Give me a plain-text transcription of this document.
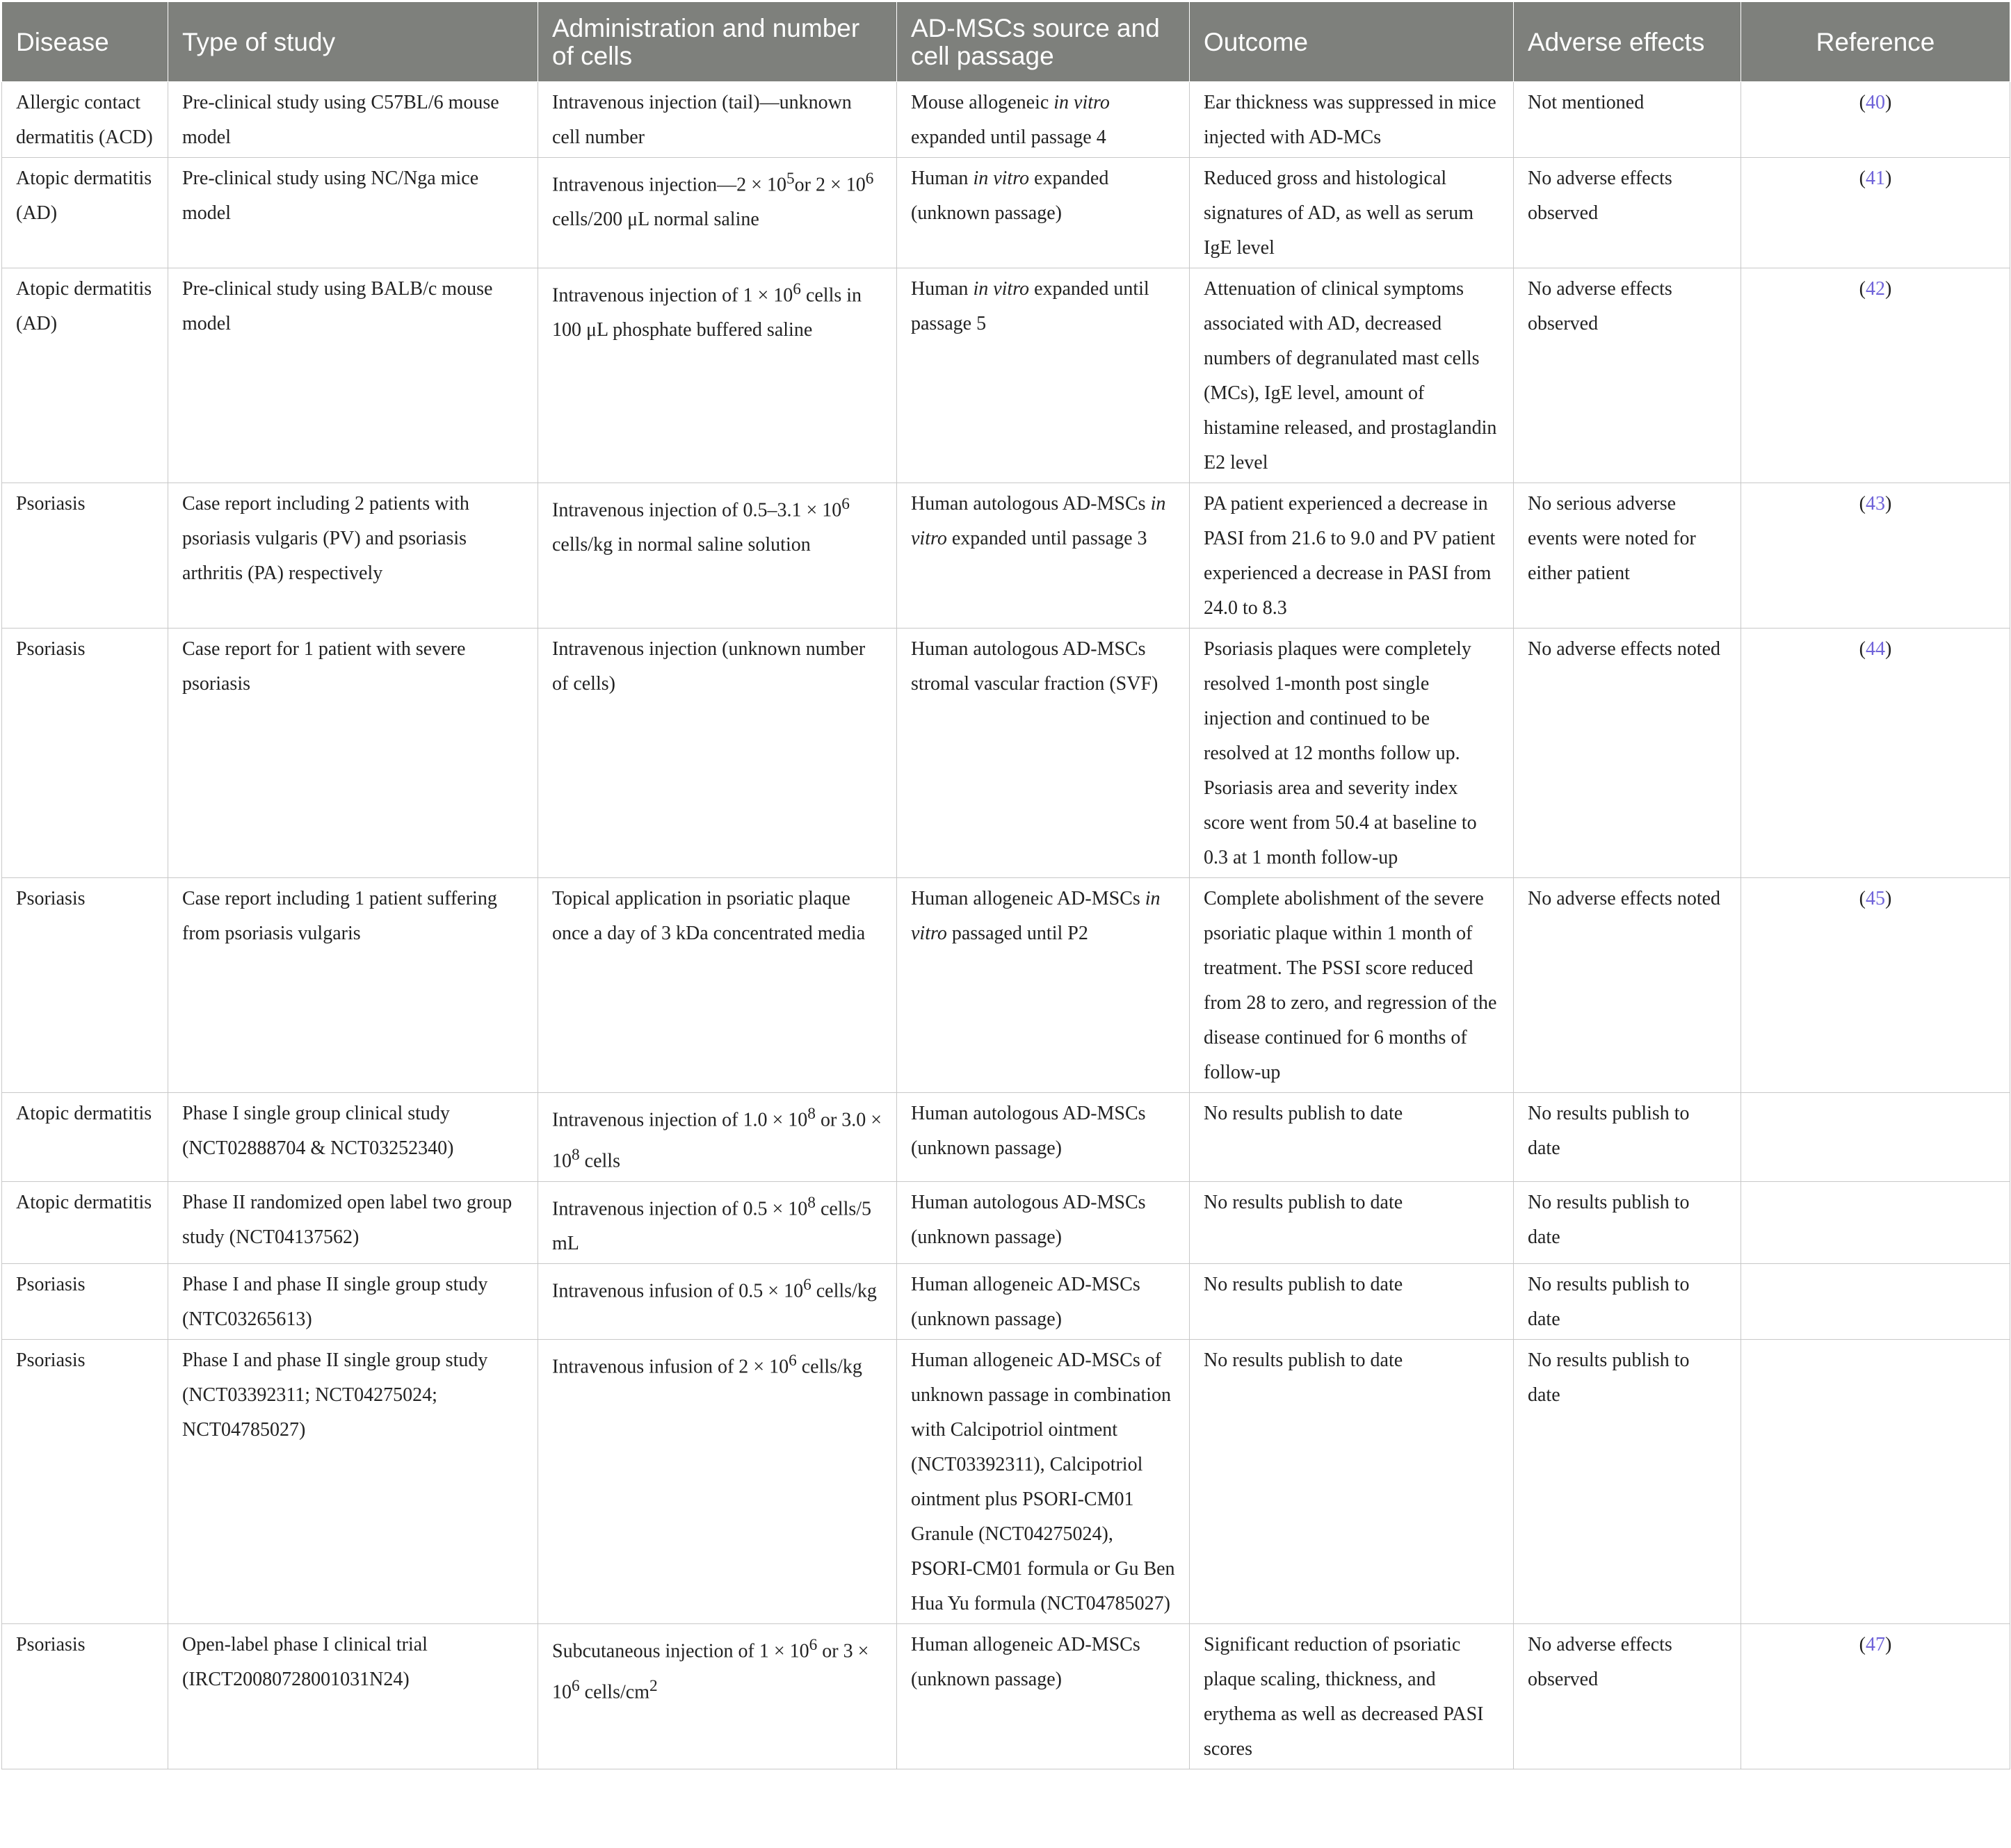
Disease	Type of study	Administration and number of cells	AD-MSCs source and cell passage	Outcome	Adverse effects	Reference
Allergic contact dermatitis (ACD)	Pre-clinical study using C57BL/6 mouse model	Intravenous injection (tail)—unknown cell number	Mouse allogeneic in vitro expanded until passage 4	Ear thickness was suppressed in mice injected with AD-MCs	Not mentioned	(40)
Atopic dermatitis (AD)	Pre-clinical study using NC/Nga mice model	Intravenous injection—2 × $10^5or$ $2 \times 10^6$ cells/200 μL normal saline	Human in vitro expanded (unknown passage)	Reduced gross and histological signatures of AD, as well as serum IgE level	No adverse effects observed	(41)
Atopic dermatitis (AD)	Pre-clinical study using BALB/c mouse model	Intravenous injection of $1 \times 10^6$ cells in 100 μL phosphate buffered saline	Human in vitro expanded until passage 5	Attenuation of clinical symptoms associated with AD, decreased numbers of degranulated mast cells (MCs), IgE level, amount of histamine released, and prostaglandin E2 level	No adverse effects observed	(42)
Psoriasis	Case report including 2 patients with psoriasis vulgaris (PV) and psoriasis arthritis (PA) respectively	Intravenous injection of $0.5-3.1 \times 10^6$ cells/kg in normal saline solution	Human autologous AD-MSCs in vitro expanded until passage 3	PA patient experienced a decrease in PASI from 21.6 to 9.0 and PV patient experienced a decrease in PASI from 24.0 to 8.3	No serious adverse events were noted for either patient	(43)
Psoriasis	Case report for 1 patient with severe psoriasis	Intravenous injection (unknown number of cells)	Human autologous AD-MSCs stromal vascular fraction (SVF)	Psoriasis plaques were completely resolved 1-month post single injection and continued to be resolved at 12 months follow up. Psoriasis area and severity index score went from 50.4 at baseline to 0.3 at 1 month follow-up	No adverse effects noted	(44)
Psoriasis	Case report including 1 patient suffering from psoriasis vulgaris	Topical application in psoriatic plaque once a day of 3 kDa concentrated media	Human allogeneic AD-MSCs in vitro passaged until P2	Complete abolishment of the severe psoriatic plaque within 1 month of treatment. The PSSI score reduced from 28 to zero, and regression of the disease continued for 6 months of follow-up	No adverse effects noted	(45)
Atopic dermatitis	Phase I single group clinical study (NCT02888704 & NCT03252340)	Intravenous injection of $1.0 \times 10^8$ or $3.0 \times 10^8$ cells	Human autologous AD-MSCs (unknown passage)	No results publish to date	No results publish to date	
Atopic dermatitis	Phase II randomized open label two group study (NCT04137562)	Intravenous injection of $0.5 \times 10^8$ cells/5 mL	Human autologous AD-MSCs (unknown passage)	No results publish to date	No results publish to date	
Psoriasis	Phase I and phase II single group study (NTC03265613)	Intravenous infusion of $0.5 \times 10^6$ cells/kg	Human allogeneic AD-MSCs (unknown passage)	No results publish to date	No results publish to date	
Psoriasis	Phase I and phase II single group study (NCT03392311; NCT04275024; NCT04785027)	Intravenous infusion of $2 \times 10^6$ cells/kg	Human allogeneic AD-MSCs of unknown passage in combination with Calcipotriol ointment (NCT03392311), Calcipotriol ointment plus PSORI-CM01 Granule (NCT04275024), PSORI-CM01 formula or Gu Ben Hua Yu formula (NCT04785027)	No results publish to date	No results publish to date	
Psoriasis	Open-label phase I clinical trial (IRCT20080728001031N24)	Subcutaneous injection of $1 \times 10^6$ or $3 \times 10^6$ cells/$cm^2$	Human allogeneic AD-MSCs (unknown passage)	Significant reduction of psoriatic plaque scaling, thickness, and erythema as well as decreased PASI scores	No adverse effects observed	(47)
